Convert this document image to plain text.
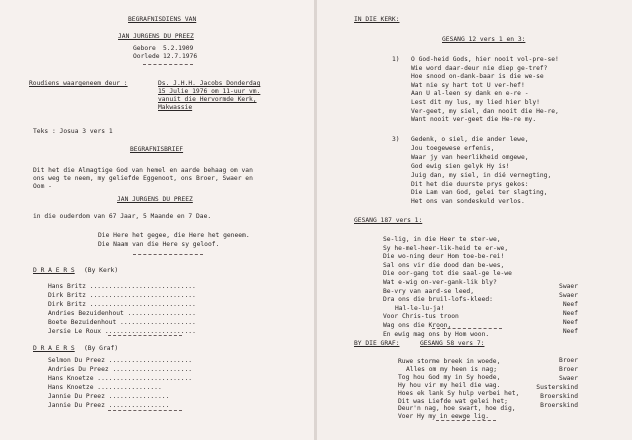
BEGRAFNISDIENS VAN
JAN JURGENS DU PREEZ
Gebore 5.2.1909
Oorlede 12.7.1976
Roudiens waargeneem deur :	Ds. J.H.H. Jacobs Donderdag
15 Julie 1976 om 11-uur vm.
vanuit die Hervormde Kerk,
Makwassie
Teks : Josua 3 vers 1
BEGRAFNISBRIEF
Dit het die Almagtige God van hemel en aarde behaag om van
ons weg te neem, my geliefde Eggenoot, ons Broer, Swaer en
Oom -
JAN JURGENS DU PREEZ
in die ouderdom van 67 Jaar, 5 Maande en 7 Dae.
Die Here het gegee, die Here het geneem.
Die Naam van die Here sy geloof.
D R A E R S (By Kerk)
Hans Britz ............................	Swaer
Dirk Britz ............................	Swaer
Dirk Britz ............................	Neef
Andries Bezuidenhout ..................	Neef
Boete Bezuidenhout ....................	Neef
Jersie Le Roux ........................	Neef
D R A E R S (By Graf)
Selmon Du Preez ......................	Broer
Andries Du Preez .....................	Broer
Hans Knoetze .........................	Swaer
Hans Knoetze .................	Susterskind
Jannie Du Preez ................	Broerskind
Jannie Du Preez ................	Broerskind
IN DIE KERK:
GESANG 12 vers 1 en 3:
1) O God-heid Gods, hier nooit vol-pre-se!
Wie word daar-deur nie diep ge-tref?
Hoe snood on-dank-baar is die we-se
Wat nie sy hart tot U ver-hef!
Aan U al-leen sy dank en e-re -
Lest dit my lus, my lied hier bly!
Ver-geet, my siel, dan nooit die He-re,
Want nooit ver-geet die He-re my.
3) Gedenk, o siel, die ander lewe,
Jou toegewese erfenis,
Waar jy van heerlikheid omgewe,
God ewig sien gelyk Hy is!
Juig dan, my siel, in dié vernegting,
Dit het die duurste prys gekos:
Die Lam van God, gelei ter slagting,
Het ons van sondeskuld verlos.
GESANG 187 vers 1:
Se-lig, in die Heer te ster-we,
Sy he-mel-heer-lik-heid te er-we,
Die wo-ning deur Hom toe-be-rei!
Sal ons vir die dood dan be-wes,
Die oor-gang tot die saal-ge le-we
Wat e-wig on-ver-gank-lik bly?
Be-vry van aard-se leed,
Dra ons die bruil-lofs-kleed:
Hal-le-lu-ja!
Voor Chris-tus troon
Wag ons die Kroon,
En ewig mag ons by Hom woon.
BY DIE GRAF:	GESANG 58 vers 7:
Ruwe storme breek in woede,
Alles om my heen is nag;
Tog hou God my in Sy hoede,
Hy hou vir my heil die wag.
Hoes ek lank Sy hulp verbei het,
Dit was Liefde wat gelei het;
Deur'n nag, hoe swart, hoe dig,
Voer Hy my in eewge lig.
